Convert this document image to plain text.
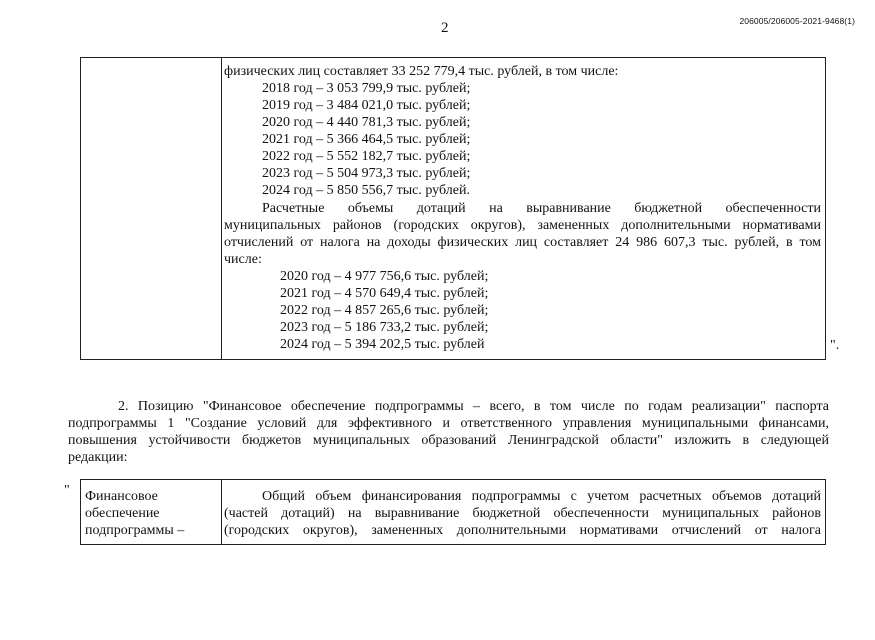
2	206005/206005-2021-9468(1)
физических лиц составляет 33 252 779,4 тыс. рублей, в том числе:
2018 год – 3 053 799,9 тыс. рублей;
2019 год – 3 484 021,0 тыс. рублей;
2020 год – 4 440 781,3 тыс. рублей;
2021 год – 5 366 464,5 тыс. рублей;
2022 год – 5 552 182,7 тыс. рублей;
2023 год – 5 504 973,3 тыс. рублей;
2024 год – 5 850 556,7 тыс. рублей.
Расчетные объемы дотаций на выравнивание бюджетной обеспеченности
муниципальных районов (городских округов), замененных дополнительными нормативами
отчислений от налога на доходы физических лиц составляет 24 986 607,3 тыс. рублей, в том
числе:
2020 год – 4 977 756,6 тыс. рублей;
2021 год – 4 570 649,4 тыс. рублей;
2022 год – 4 857 265,6 тыс. рублей;
2023 год – 5 186 733,2 тыс. рублей;
2024 год – 5 394 202,5 тыс. рублей	".
2. Позицию "Финансовое обеспечение подпрограммы – всего, в том числе по годам реализации" паспорта
подпрограммы 1 "Создание условий для эффективного и ответственного управления муниципальными финансами,
повышения устойчивости бюджетов муниципальных образований Ленинградской области" изложить в следующей
редакции:
" Финансовое
обеспечение
подпрограммы –
Общий объем финансирования подпрограммы с учетом расчетных объемов дотаций
(частей дотаций) на выравнивание бюджетной обеспеченности муниципальных районов
(городских округов), замененных дополнительными нормативами отчислений от налога
